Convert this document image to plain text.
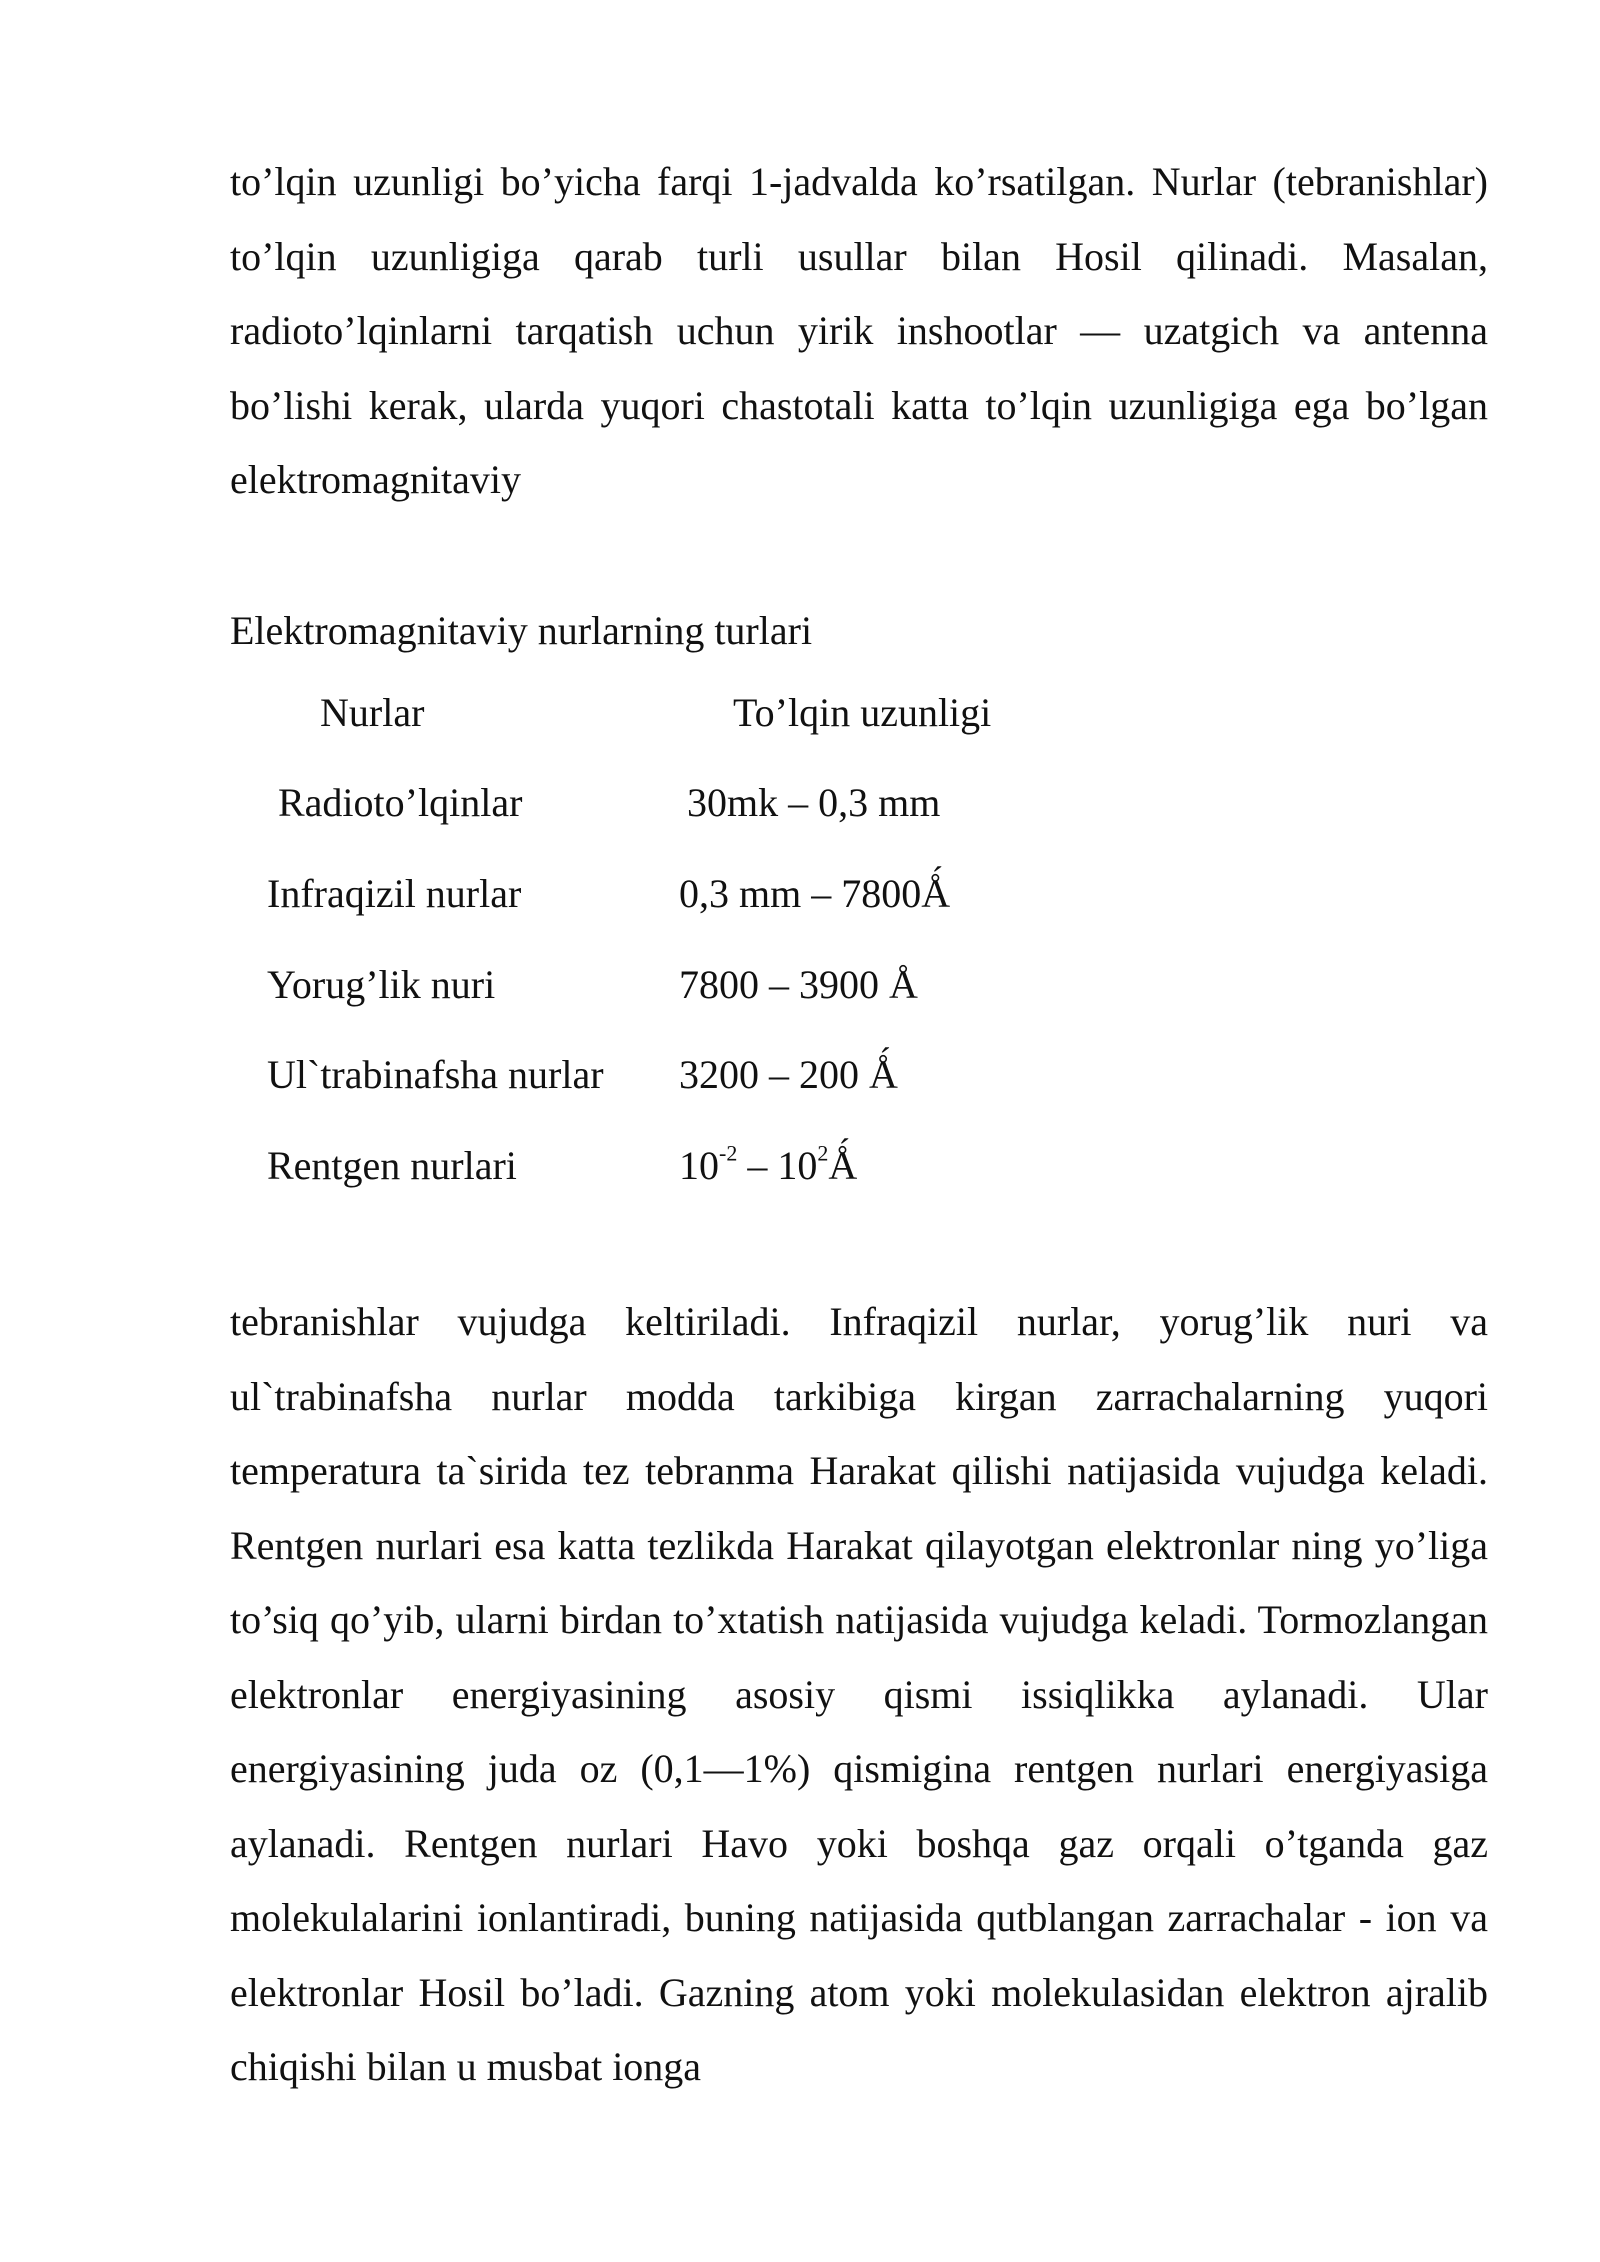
to’lqin uzunligi bo’yicha farqi 1-jadvalda ko’rsatilgan. Nurlar (tebranishlar) to’lqin uzunligiga qarab turli usullar bilan Hosil qilinadi. Masalan, radioto’lqinlarni tarqatish uchun yirik inshootlar — uzatgich va antenna bo’lishi kerak, ularda yuqori chastotali katta to’lqin uzunligiga ega bo’lgan elektromagnitaviy

Elektromagnitaviy nurlarning turlari
Nurlar	To’lqin uzunligi
Radioto’lqinlar	30mk – 0,3 mm
Infraqizil nurlar	0,3 mm – 7800Å ´
Yorug’lik nuri	7800 – 3900 Å
Ul`trabinafsha nurlar 3200 – 200 Å ´
Rentgen nurlari	$10^{-2}$ – $10^2Å$ ´

tebranishlar vujudga keltiriladi. Infraqizil nurlar, yorug’lik nuri va ul`trabinafsha nurlar modda tarkibiga kirgan zarrachalarning yuqori temperatura ta`sirida tez tebranma Harakat qilishi natijasida vujudga keladi. Rentgen nurlari esa katta tezlikda Harakat qilayotgan elektronlar ning yo’liga to’siq qo’yib, ularni birdan to’xtatish natijasida vujudga keladi. Tormozlangan elektronlar energiyasining asosiy qismi issiqlikka aylanadi. Ular energiyasining juda oz (0,1—1%) qismigina rentgen nurlari energiyasiga aylanadi. Rentgen nurlari Havo yoki boshqa gaz orqali o’tganda gaz molekulalarini ionlantiradi, buning natijasida qutblangan zarrachalar - ion va elektronlar Hosil bo’ladi. Gazning atom yoki molekulasidan elektron ajralib chiqishi bilan u musbat ionga
